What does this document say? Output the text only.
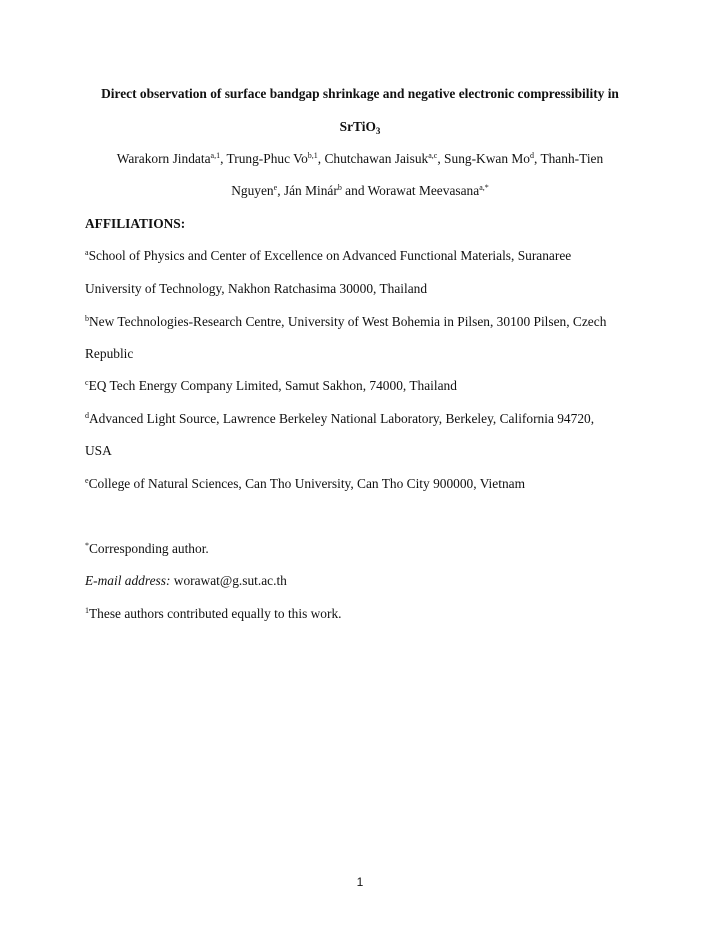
Direct observation of surface bandgap shrinkage and negative electronic compressibility in
SrTiO$_3$
Warakorn Jindata$^{a,1}$, Trung-Phuc Vo$^{b,1}$, Chutchawan Jaisuk$^{a,c}$, Sung-Kwan Mo$^d$, Thanh-Tien
Nguyen$^e$, Ján Minár$^b$ and Worawat Meevasana$^{a,*}$
AFFILIATIONS:
$^a$School of Physics and Center of Excellence on Advanced Functional Materials, Suranaree
University of Technology, Nakhon Ratchasima 30000, Thailand
$^b$New Technologies-Research Centre, University of West Bohemia in Pilsen, 30100 Pilsen, Czech
Republic
$^c$EQ Tech Energy Company Limited, Samut Sakhon, 74000, Thailand
$^d$Advanced Light Source, Lawrence Berkeley National Laboratory, Berkeley, California 94720,
USA
$^e$College of Natural Sciences, Can Tho University, Can Tho City 900000, Vietnam
*Corresponding author.
E-mail address: worawat@g.sut.ac.th
$^1$These authors contributed equally to this work.
1
